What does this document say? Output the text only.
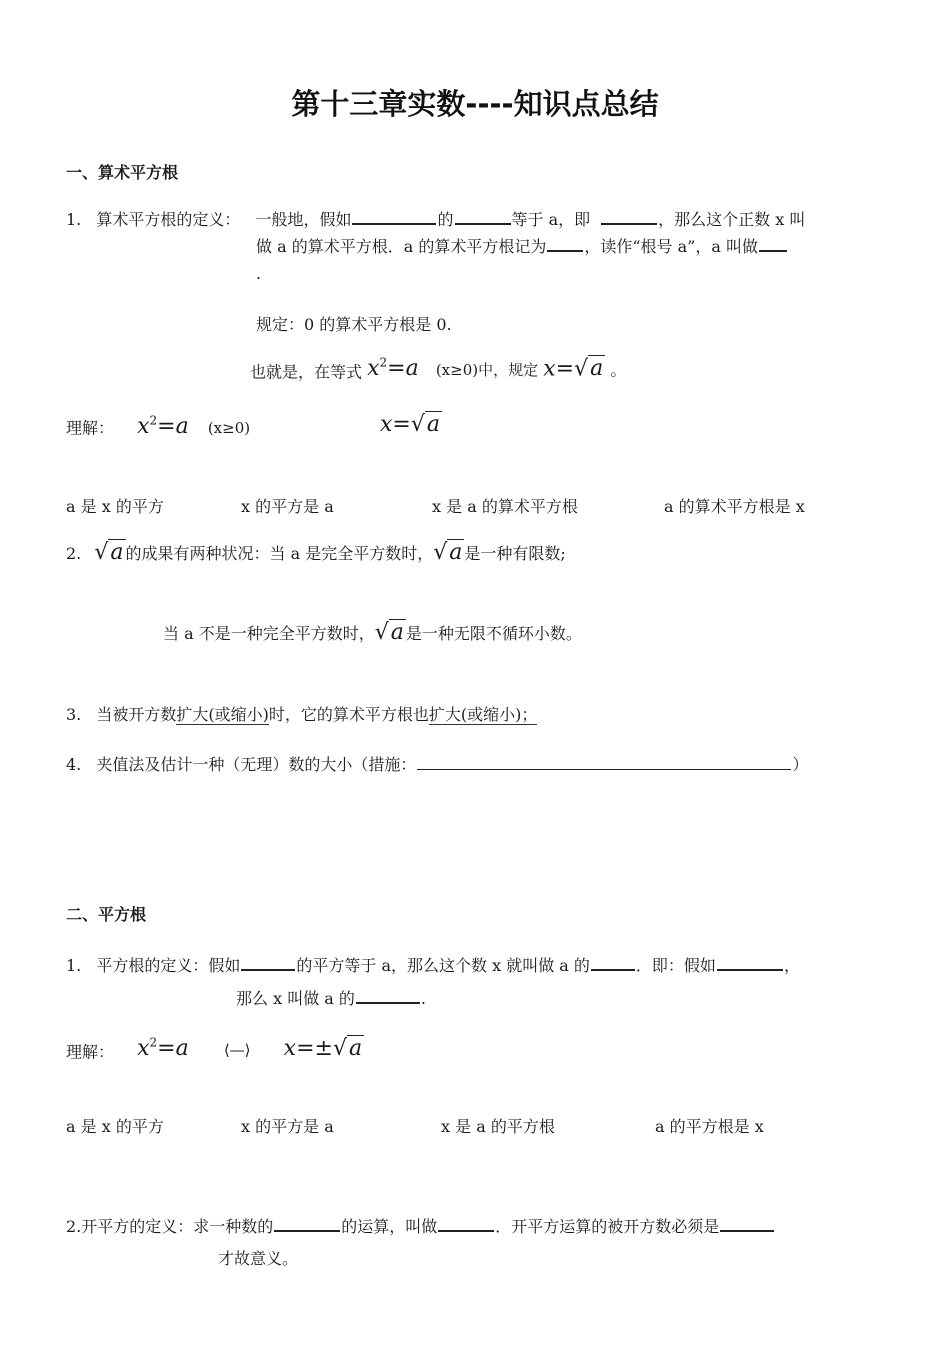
第十三章实数----知识点总结
一、算术平方根
1. 算术平方根的定义： 一般地，假如	的	等于 a，即	，那么这个正数 x 叫
做 a 的算术平方根．a 的算术平方根记为 ，读作“根号 a”，a 叫做
.
规定：0 的算术平方根是 0.
也就是，在等式 $x^2=a$ (x≥0)中，规定 x=√a 。
理解： $x^2=a$ (x≥0)	x=√a
a 是 x 的平方	x 的平方是 a	x 是 a 的算术平方根	a 的算术平方根是 x
2. √a 的成果有两种状况：当 a 是完全平方数时，√a 是一种有限数;
当 a 不是一种完全平方数时，√a 是一种无限不循环小数。
3. 当被开方数扩大(或缩小)时，它的算术平方根也扩大(或缩小)；
4. 夹值法及估计一种（无理）数的大小（措施：	）
二、平方根
1. 平方根的定义：假如	的平方等于 a，那么这个数 x 就叫做 a 的	．即：假如	，
那么 x 叫做 a 的	.
理解： $x^2=a$ ⟨—⟩ x=±√a
a 是 x 的平方	x 的平方是 a	x 是 a 的平方根	a 的平方根是 x
2.开平方的定义：求一种数的	的运算，叫做	．开平方运算的被开方数必须是
才故意义。
